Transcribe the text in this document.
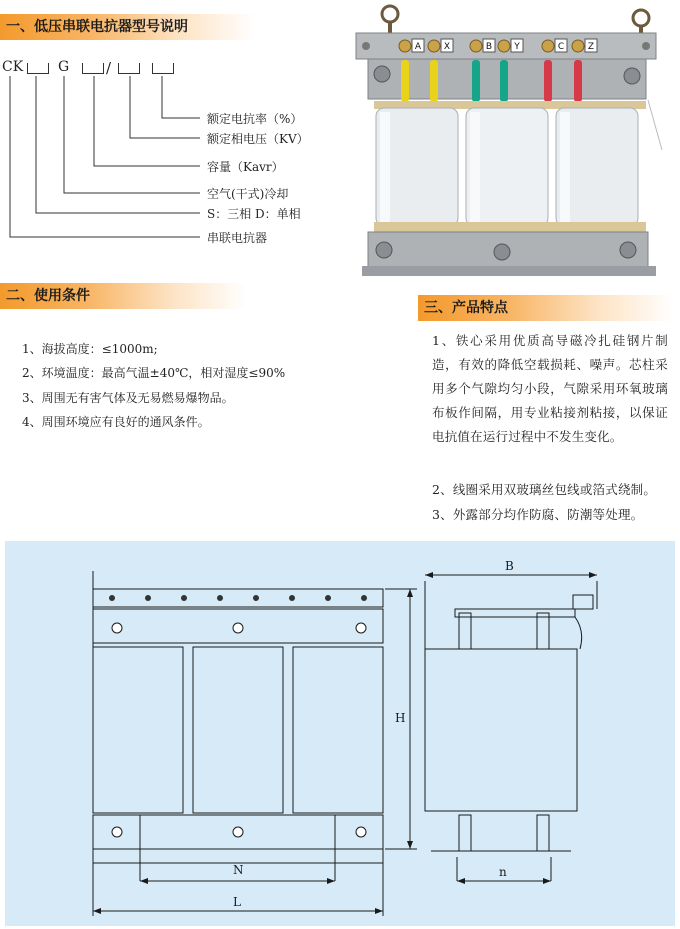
一、低压串联电抗器型号说明
CK G /
额定电抗率（%）
额定相电压（KV）
容量（Kavr）
空气(干式)冷却
S：三相 D：单相
串联电抗器
A	X	B Y	C	Z
二、使用条件
1、海拔高度：≤1000m;
2、环境温度：最高气温±40℃，相对湿度≤90%
3、周围无有害气体及无易燃易爆物品。
4、周围环境应有良好的通风条件。
三、产品特点
1、铁心采用优质高导磁冷扎硅钢片制造，有效的降低空载损耗、噪声。芯柱采用多个气隙均匀小段，气隙采用环氧玻璃布板作间隔，用专业粘接剂粘接，以保证电抗值在运行过程中不发生变化。
2、线圈采用双玻璃丝包线或箔式绕制。
3、外露部分均作防腐、防潮等处理。
B
H
N
L
n
